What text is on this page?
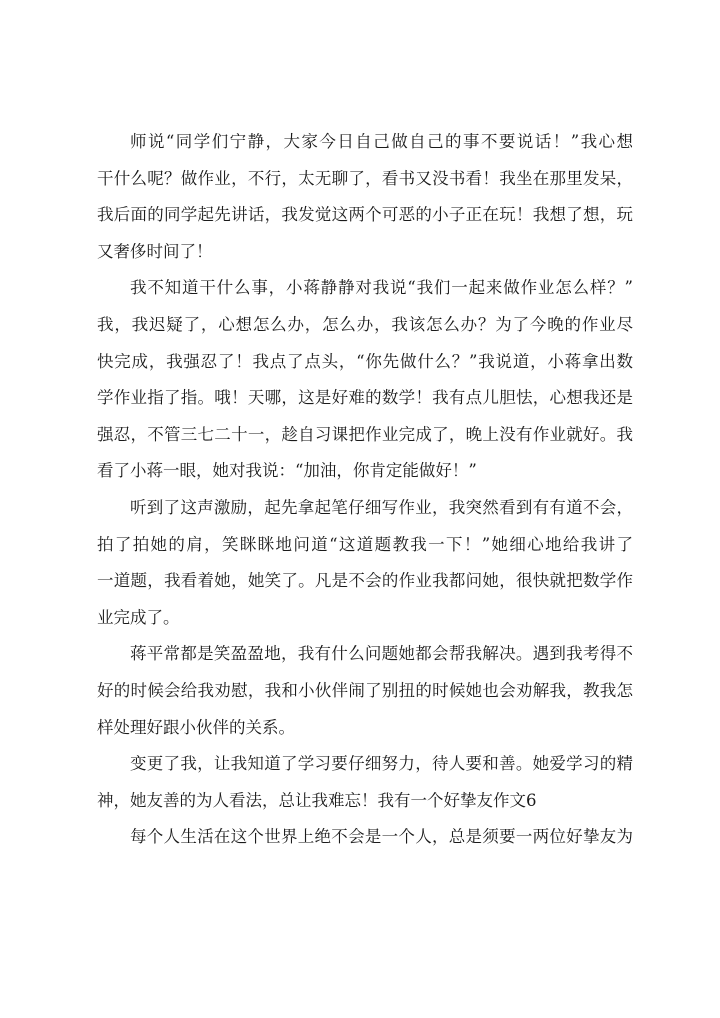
师说“同学们宁静，大家今日自己做自己的事不要说话！”我心想
干什么呢？做作业，不行，太无聊了，看书又没书看！我坐在那里发呆，
我后面的同学起先讲话，我发觉这两个可恶的小子正在玩！我想了想，玩
又奢侈时间了！
我不知道干什么事，小蒋静静对我说“我们一起来做作业怎么样？”
我，我迟疑了，心想怎么办，怎么办，我该怎么办？为了今晚的作业尽
快完成，我强忍了！我点了点头，“你先做什么？”我说道，小蒋拿出数
学作业指了指。哦！天哪，这是好难的数学！我有点儿胆怯，心想我还是
强忍，不管三七二十一，趁自习课把作业完成了，晚上没有作业就好。我
看了小蒋一眼，她对我说：“加油，你肯定能做好！”
听到了这声激励，起先拿起笔仔细写作业，我突然看到有有道不会，
拍了拍她的肩，笑眯眯地问道“这道题教我一下！”她细心地给我讲了
一道题，我看着她，她笑了。凡是不会的作业我都问她，很快就把数学作
业完成了。
蒋平常都是笑盈盈地，我有什么问题她都会帮我解决。遇到我考得不
好的时候会给我劝慰，我和小伙伴闹了别扭的时候她也会劝解我，教我怎
样处理好跟小伙伴的关系。
变更了我，让我知道了学习要仔细努力，待人要和善。她爱学习的精
神，她友善的为人看法，总让我难忘！我有一个好挚友作文6
每个人生活在这个世界上绝不会是一个人，总是须要一两位好挚友为
